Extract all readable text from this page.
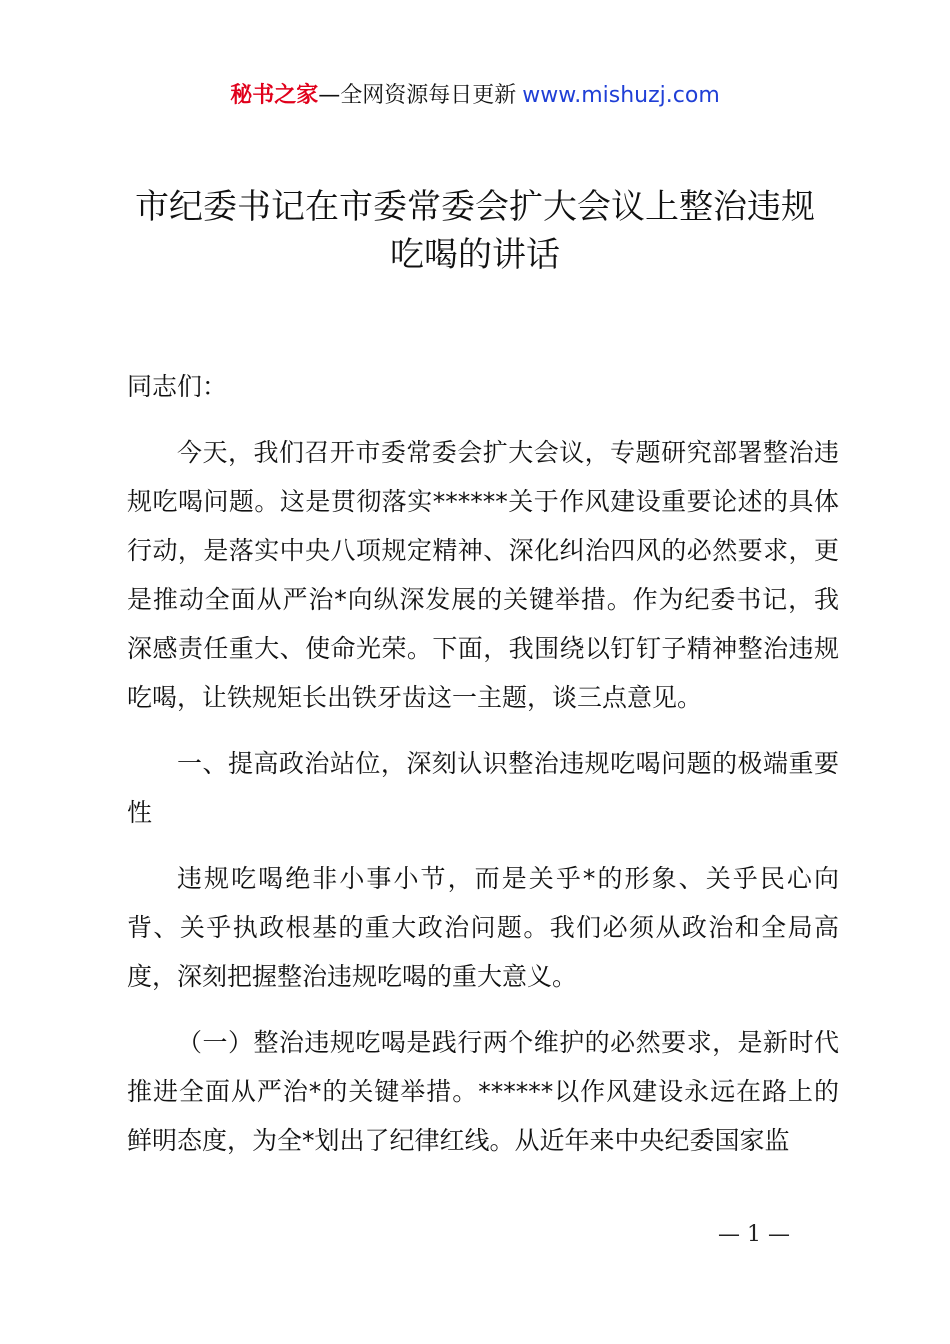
秘书之家—全网资源每日更新 www.mishuzj.com
市纪委书记在市委常委会扩大会议上整治违规
吃喝的讲话

同志们：

今天，我们召开市委常委会扩大会议，专题研究部署整治违规吃喝问题。这是贯彻落实******关于作风建设重要论述的具体行动，是落实中央八项规定精神、深化纠治四风的必然要求，更是推动全面从严治*向纵深发展的关键举措。作为纪委书记，我深感责任重大、使命光荣。下面，我围绕以钉钉子精神整治违规吃喝，让铁规矩长出铁牙齿这一主题，谈三点意见。

一、提高政治站位，深刻认识整治违规吃喝问题的极端重要性

违规吃喝绝非小事小节，而是关乎*的形象、关乎民心向背、关乎执政根基的重大政治问题。我们必须从政治和全局高度，深刻把握整治违规吃喝的重大意义。

（一）整治违规吃喝是践行两个维护的必然要求，是新时代推进全面从严治*的关键举措。******以作风建设永远在路上的鲜明态度，为全*划出了纪律红线。从近年来中央纪委国家监

— 1 —
